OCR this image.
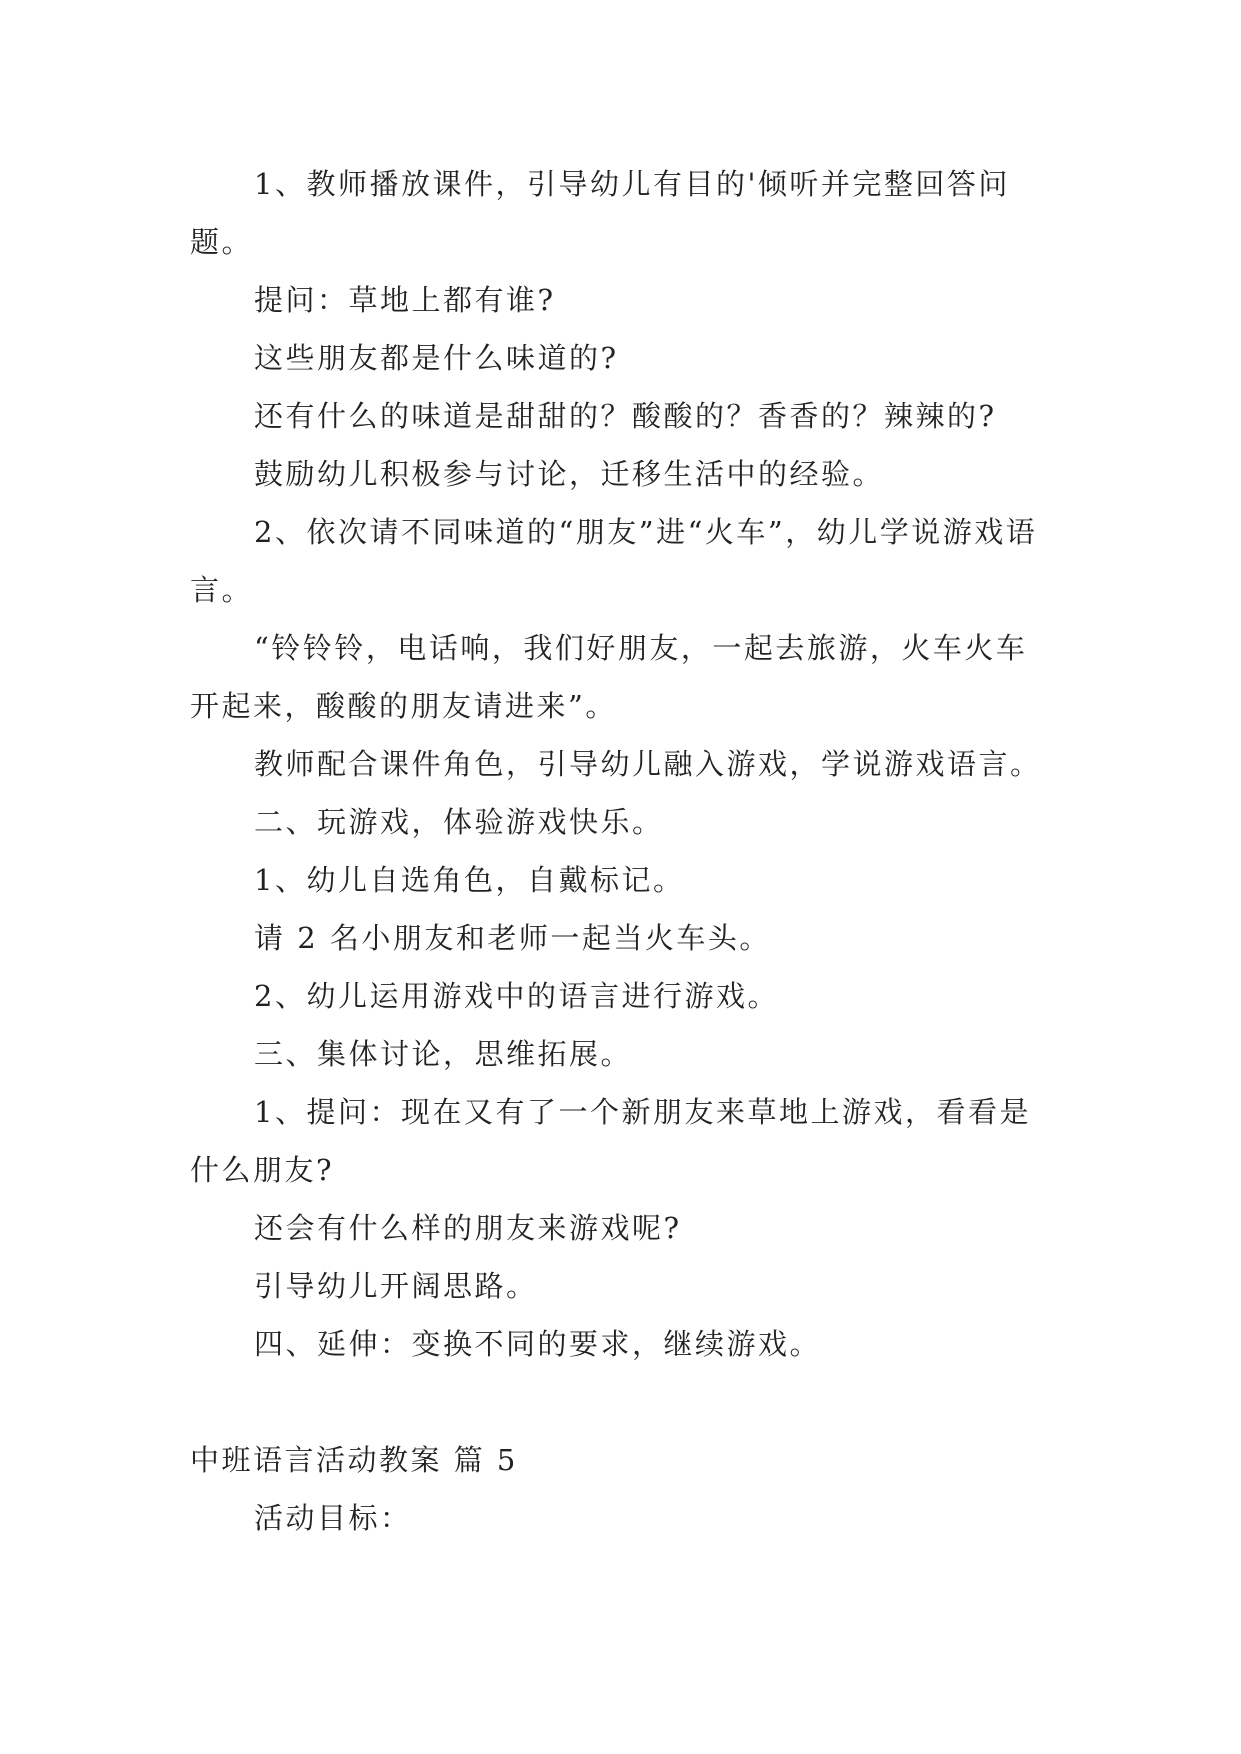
1、教师播放课件，引导幼儿有目的'倾听并完整回答问题。

提问：草地上都有谁?

这些朋友都是什么味道的?

还有什么的味道是甜甜的？酸酸的？香香的？辣辣的?

鼓励幼儿积极参与讨论，迁移生活中的经验。

2、依次请不同味道的“朋友”进“火车”，幼儿学说游戏语言。

“铃铃铃，电话响，我们好朋友，一起去旅游，火车火车开起来，酸酸的朋友请进来”。

教师配合课件角色，引导幼儿融入游戏，学说游戏语言。

二、玩游戏，体验游戏快乐。

1、幼儿自选角色，自戴标记。

请 2 名小朋友和老师一起当火车头。

2、幼儿运用游戏中的语言进行游戏。

三、集体讨论，思维拓展。

1、提问：现在又有了一个新朋友来草地上游戏，看看是什么朋友?

还会有什么样的朋友来游戏呢?

引导幼儿开阔思路。

四、延伸：变换不同的要求，继续游戏。

中班语言活动教案 篇 5

活动目标：
